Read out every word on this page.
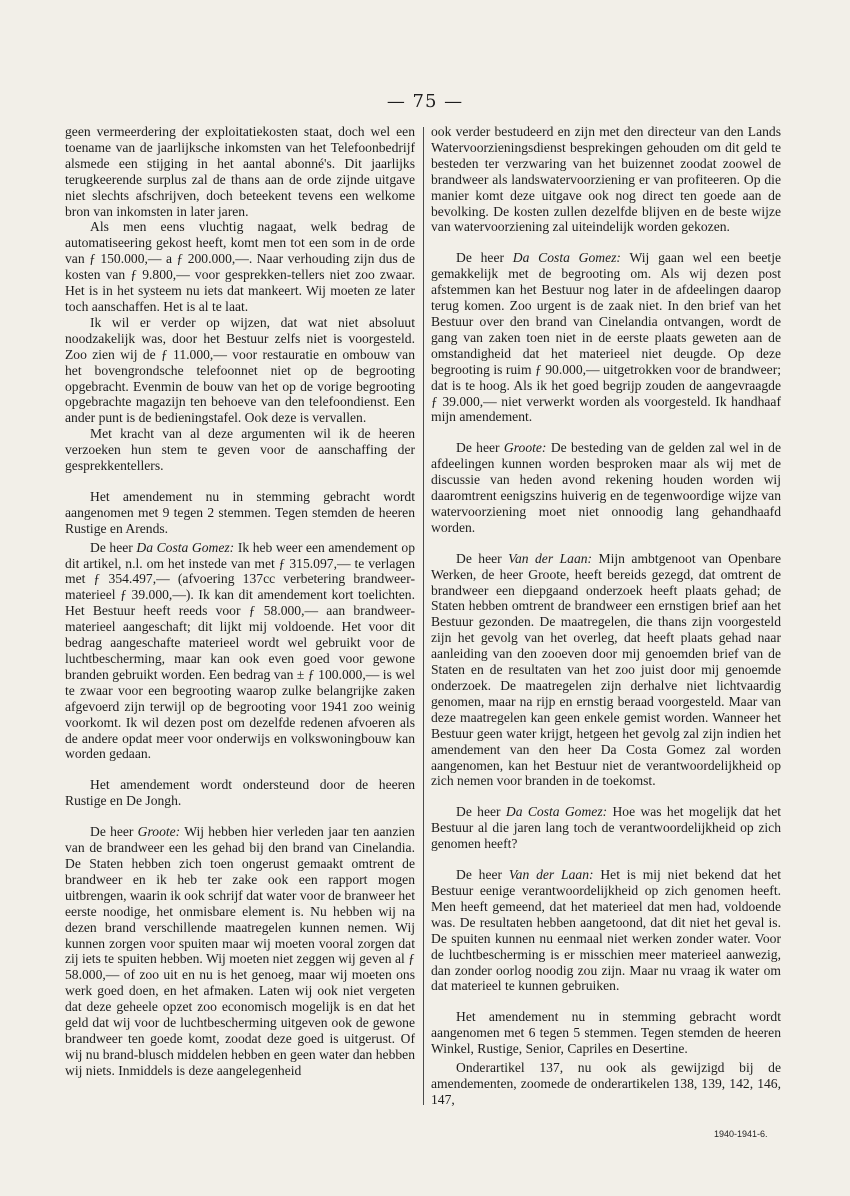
— 75 —

geen vermeerdering der exploitatiekosten staat, doch wel een toename van de jaarlijksche inkomsten van het Telefoonbedrijf alsmede een stijging in het aantal abonné's. Dit jaarlijks terugkeerende surplus zal de thans aan de orde zijnde uitgave niet slechts afschrijven, doch beteekent tevens een welkome bron van inkomsten in later jaren.

Als men eens vluchtig nagaat, welk bedrag de automatiseering gekost heeft, komt men tot een som in de orde van ƒ 150.000,— a ƒ 200.000,—. Naar verhouding zijn dus de kosten van ƒ 9.800,— voor gesprekken-tellers niet zoo zwaar. Het is in het systeem nu iets dat mankeert. Wij moeten ze later toch aanschaffen. Het is al te laat.

Ik wil er verder op wijzen, dat wat niet absoluut noodzakelijk was, door het Bestuur zelfs niet is voorgesteld. Zoo zien wij de ƒ 11.000,— voor restauratie en ombouw van het bovengrondsche telefoonnet niet op de begrooting opgebracht. Evenmin de bouw van het op de vorige begrooting opgebrachte magazijn ten behoeve van den telefoondienst. Een ander punt is de bedieningstafel. Ook deze is vervallen.

Met kracht van al deze argumenten wil ik de heeren verzoeken hun stem te geven voor de aanschaffing der gesprekkentellers.

Het amendement nu in stemming gebracht wordt aangenomen met 9 tegen 2 stemmen. Tegen stemden de heeren Rustige en Arends.

De heer Da Costa Gomez: Ik heb weer een amendement op dit artikel, n.l. om het instede van met ƒ 315.097,— te verlagen met ƒ 354.497,— (afvoering 137cc verbetering brandweer-materieel ƒ 39.000,—). Ik kan dit amendement kort toelichten. Het Bestuur heeft reeds voor ƒ 58.000,— aan brandweer-materieel aangeschaft; dit lijkt mij voldoende. Het voor dit bedrag aangeschafte materieel wordt wel gebruikt voor de luchtbescherming, maar kan ook even goed voor gewone branden gebruikt worden. Een bedrag van ± ƒ 100.000,— is wel te zwaar voor een begrooting waarop zulke belangrijke zaken afgevoerd zijn terwijl op de begrooting voor 1941 zoo weinig voorkomt. Ik wil dezen post om dezelfde redenen afvoeren als de andere opdat meer voor onderwijs en volkswoningbouw kan worden gedaan.

Het amendement wordt ondersteund door de heeren Rustige en De Jongh.

De heer Groote: Wij hebben hier verleden jaar ten aanzien van de brandweer een les gehad bij den brand van Cinelandia. De Staten hebben zich toen ongerust gemaakt omtrent de brandweer en ik heb ter zake ook een rapport mogen uitbrengen, waarin ik ook schrijf dat water voor de branweer het eerste noodige, het onmisbare element is. Nu hebben wij na dezen brand verschillende maatregelen kunnen nemen. Wij kunnen zorgen voor spuiten maar wij moeten vooral zorgen dat zij iets te spuiten hebben. Wij moeten niet zeggen wij geven al ƒ 58.000,— of zoo uit en nu is het genoeg, maar wij moeten ons werk goed doen, en het afmaken. Laten wij ook niet vergeten dat deze geheele opzet zoo economisch mogelijk is en dat het geld dat wij voor de luchtbescherming uitgeven ook de gewone brandweer ten goede komt, zoodat deze goed is uitgerust. Of wij nu brand-blusch middelen hebben en geen water dan hebben wij niets. Inmiddels is deze aangelegenheid

ook verder bestudeerd en zijn met den directeur van den Lands Watervoorzieningsdienst besprekingen gehouden om dit geld te besteden ter verzwaring van het buizennet zoodat zoowel de brandweer als landswatervoorziening er van profiteeren. Op die manier komt deze uitgave ook nog direct ten goede aan de bevolking. De kosten zullen dezelfde blijven en de beste wijze van watervoorziening zal uiteindelijk worden gekozen.

De heer Da Costa Gomez: Wij gaan wel een beetje gemakkelijk met de begrooting om. Als wij dezen post afstemmen kan het Bestuur nog later in de afdeelingen daarop terug komen. Zoo urgent is de zaak niet. In den brief van het Bestuur over den brand van Cinelandia ontvangen, wordt de gang van zaken toen niet in de eerste plaats geweten aan de omstandigheid dat het materieel niet deugde. Op deze begrooting is ruim ƒ 90.000,— uitgetrokken voor de brandweer; dat is te hoog. Als ik het goed begrijp zouden de aangevraagde ƒ 39.000,— niet verwerkt worden als voorgesteld. Ik handhaaf mijn amendement.

De heer Groote: De besteding van de gelden zal wel in de afdeelingen kunnen worden besproken maar als wij met de discussie van heden avond rekening houden worden wij daaromtrent eenigszins huiverig en de tegenwoordige wijze van watervoorziening moet niet onnoodig lang gehandhaafd worden.

De heer Van der Laan: Mijn ambtgenoot van Openbare Werken, de heer Groote, heeft bereids gezegd, dat omtrent de brandweer een diepgaand onderzoek heeft plaats gehad; de Staten hebben omtrent de brandweer een ernstigen brief aan het Bestuur gezonden. De maatregelen, die thans zijn voorgesteld zijn het gevolg van het overleg, dat heeft plaats gehad naar aanleiding van den zooeven door mij genoemden brief van de Staten en de resultaten van het zoo juist door mij genoemde onderzoek. De maatregelen zijn derhalve niet lichtvaardig genomen, maar na rijp en ernstig beraad voorgesteld. Maar van deze maatregelen kan geen enkele gemist worden. Wanneer het Bestuur geen water krijgt, hetgeen het gevolg zal zijn indien het amendement van den heer Da Costa Gomez zal worden aangenomen, kan het Bestuur niet de verantwoordelijkheid op zich nemen voor branden in de toekomst.

De heer Da Costa Gomez: Hoe was het mogelijk dat het Bestuur al die jaren lang toch de verantwoordelijkheid op zich genomen heeft?

De heer Van der Laan: Het is mij niet bekend dat het Bestuur eenige verantwoordelijkheid op zich genomen heeft. Men heeft gemeend, dat het materieel dat men had, voldoende was. De resultaten hebben aangetoond, dat dit niet het geval is. De spuiten kunnen nu eenmaal niet werken zonder water. Voor de luchtbescherming is er misschien meer materieel aanwezig, dan zonder oorlog noodig zou zijn. Maar nu vraag ik water om dat materieel te kunnen gebruiken.

Het amendement nu in stemming gebracht wordt aangenomen met 6 tegen 5 stemmen. Tegen stemden de heeren Winkel, Rustige, Senior, Capriles en Desertine.

Onderartikel 137, nu ook als gewijzigd bij de amendementen, zoomede de onderartikelen 138, 139, 142, 146, 147,

1940-1941-6.
